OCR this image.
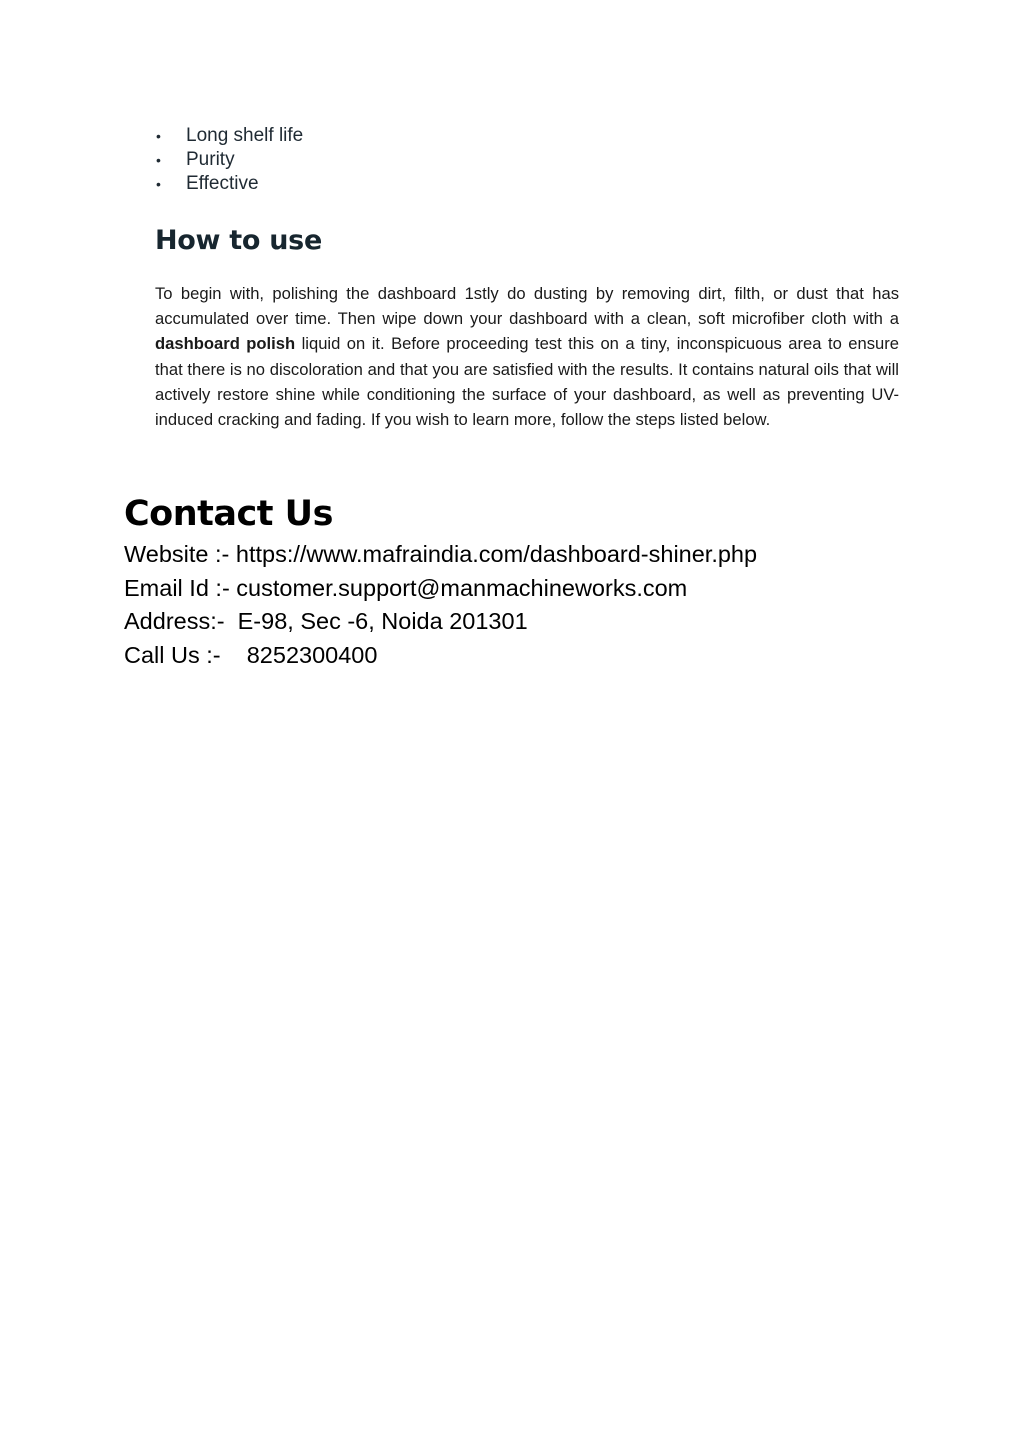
•	Long shelf life
•	Purity
•	Effective
How to use

To begin with, polishing the dashboard 1stly do dusting by removing dirt, filth, or dust that has accumulated over time. Then wipe down your dashboard with a clean, soft microfiber cloth with a dashboard polish liquid on it. Before proceeding test this on a tiny, inconspicuous area to ensure that there is no discoloration and that you are satisfied with the results. It contains natural oils that will actively restore shine while conditioning the surface of your dashboard, as well as preventing UV-induced cracking and fading. If you wish to learn more, follow the steps listed below.

Contact Us
Website :- https://www.mafraindia.com/dashboard-shiner.php
Email Id :- customer.support@manmachineworks.com
Address:-  E-98, Sec -6, Noida 201301
Call Us :-    8252300400
